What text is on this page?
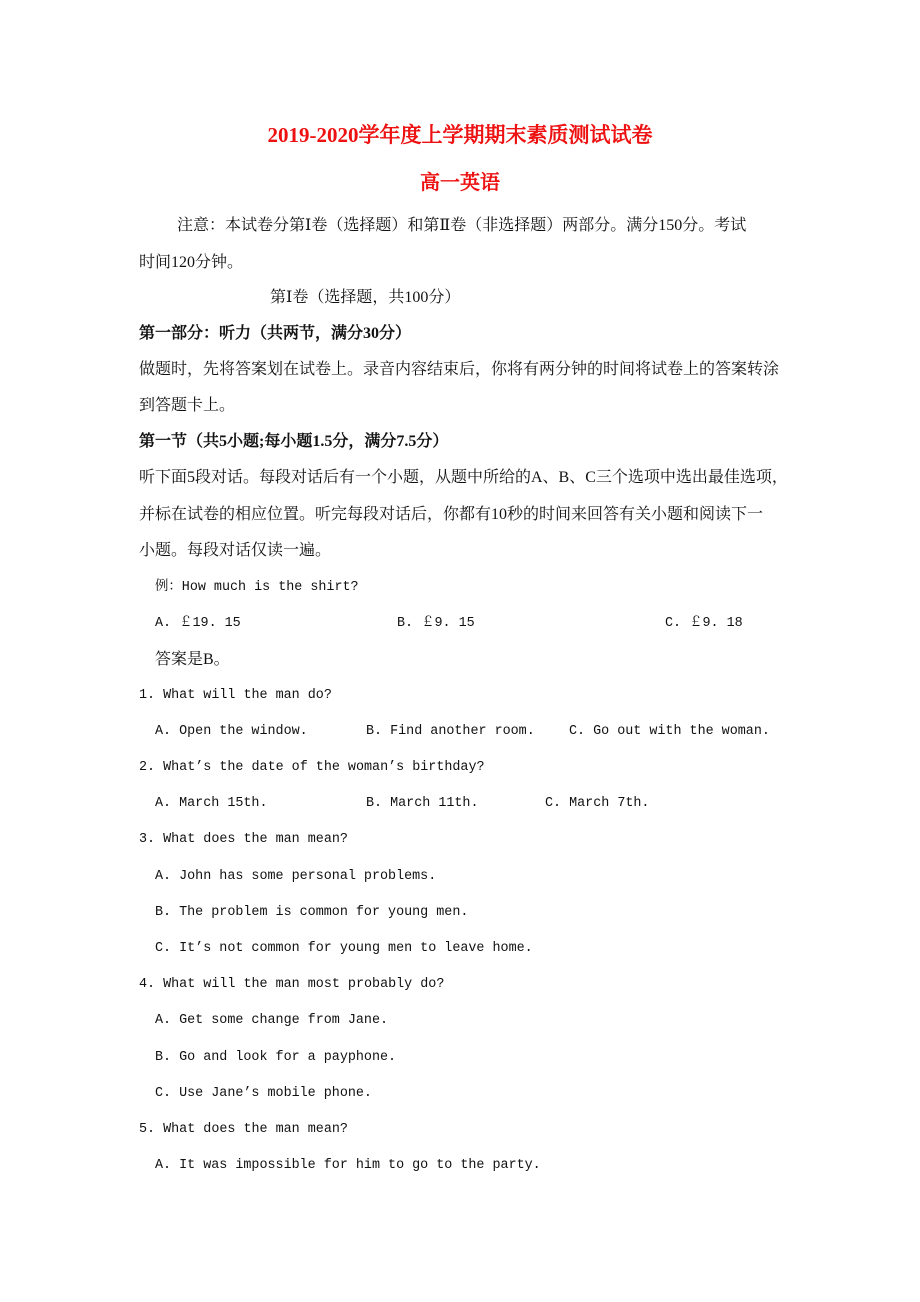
2019-2020学年度上学期期末素质测试试卷
高一英语
注意：本试卷分第Ⅰ卷（选择题）和第Ⅱ卷（非选择题）两部分。满分150分。考试
时间120分钟。
第Ⅰ卷（选择题，共100分）
第一部分：听力（共两节，满分30分）
做题时，先将答案划在试卷上。录音内容结束后，你将有两分钟的时间将试卷上的答案转涂
到答题卡上。
第一节（共5小题;每小题1.5分，满分7.5分）
听下面5段对话。每段对话后有一个小题，从题中所给的A、B、C三个选项中选出最佳选项，
并标在试卷的相应位置。听完每段对话后，你都有10秒的时间来回答有关小题和阅读下一
小题。每段对话仅读一遍。
例：How much is the shirt?
A. ￡19. 15	B. ￡9. 15	C. ￡9. 18
答案是B。
1. What will the man do?
A. Open the window.	B. Find another room.	C. Go out with the woman.
2. What’s the date of the woman’s birthday?
A. March 15th.	B. March 11th.	C. March 7th.
3. What does the man mean?
A. John has some personal problems.
B. The problem is common for young men.
C. It’s not common for young men to leave home.
4. What will the man most probably do?
A. Get some change from Jane.
B. Go and look for a payphone.
C. Use Jane’s mobile phone.
5. What does the man mean?
A. It was impossible for him to go to the party.
